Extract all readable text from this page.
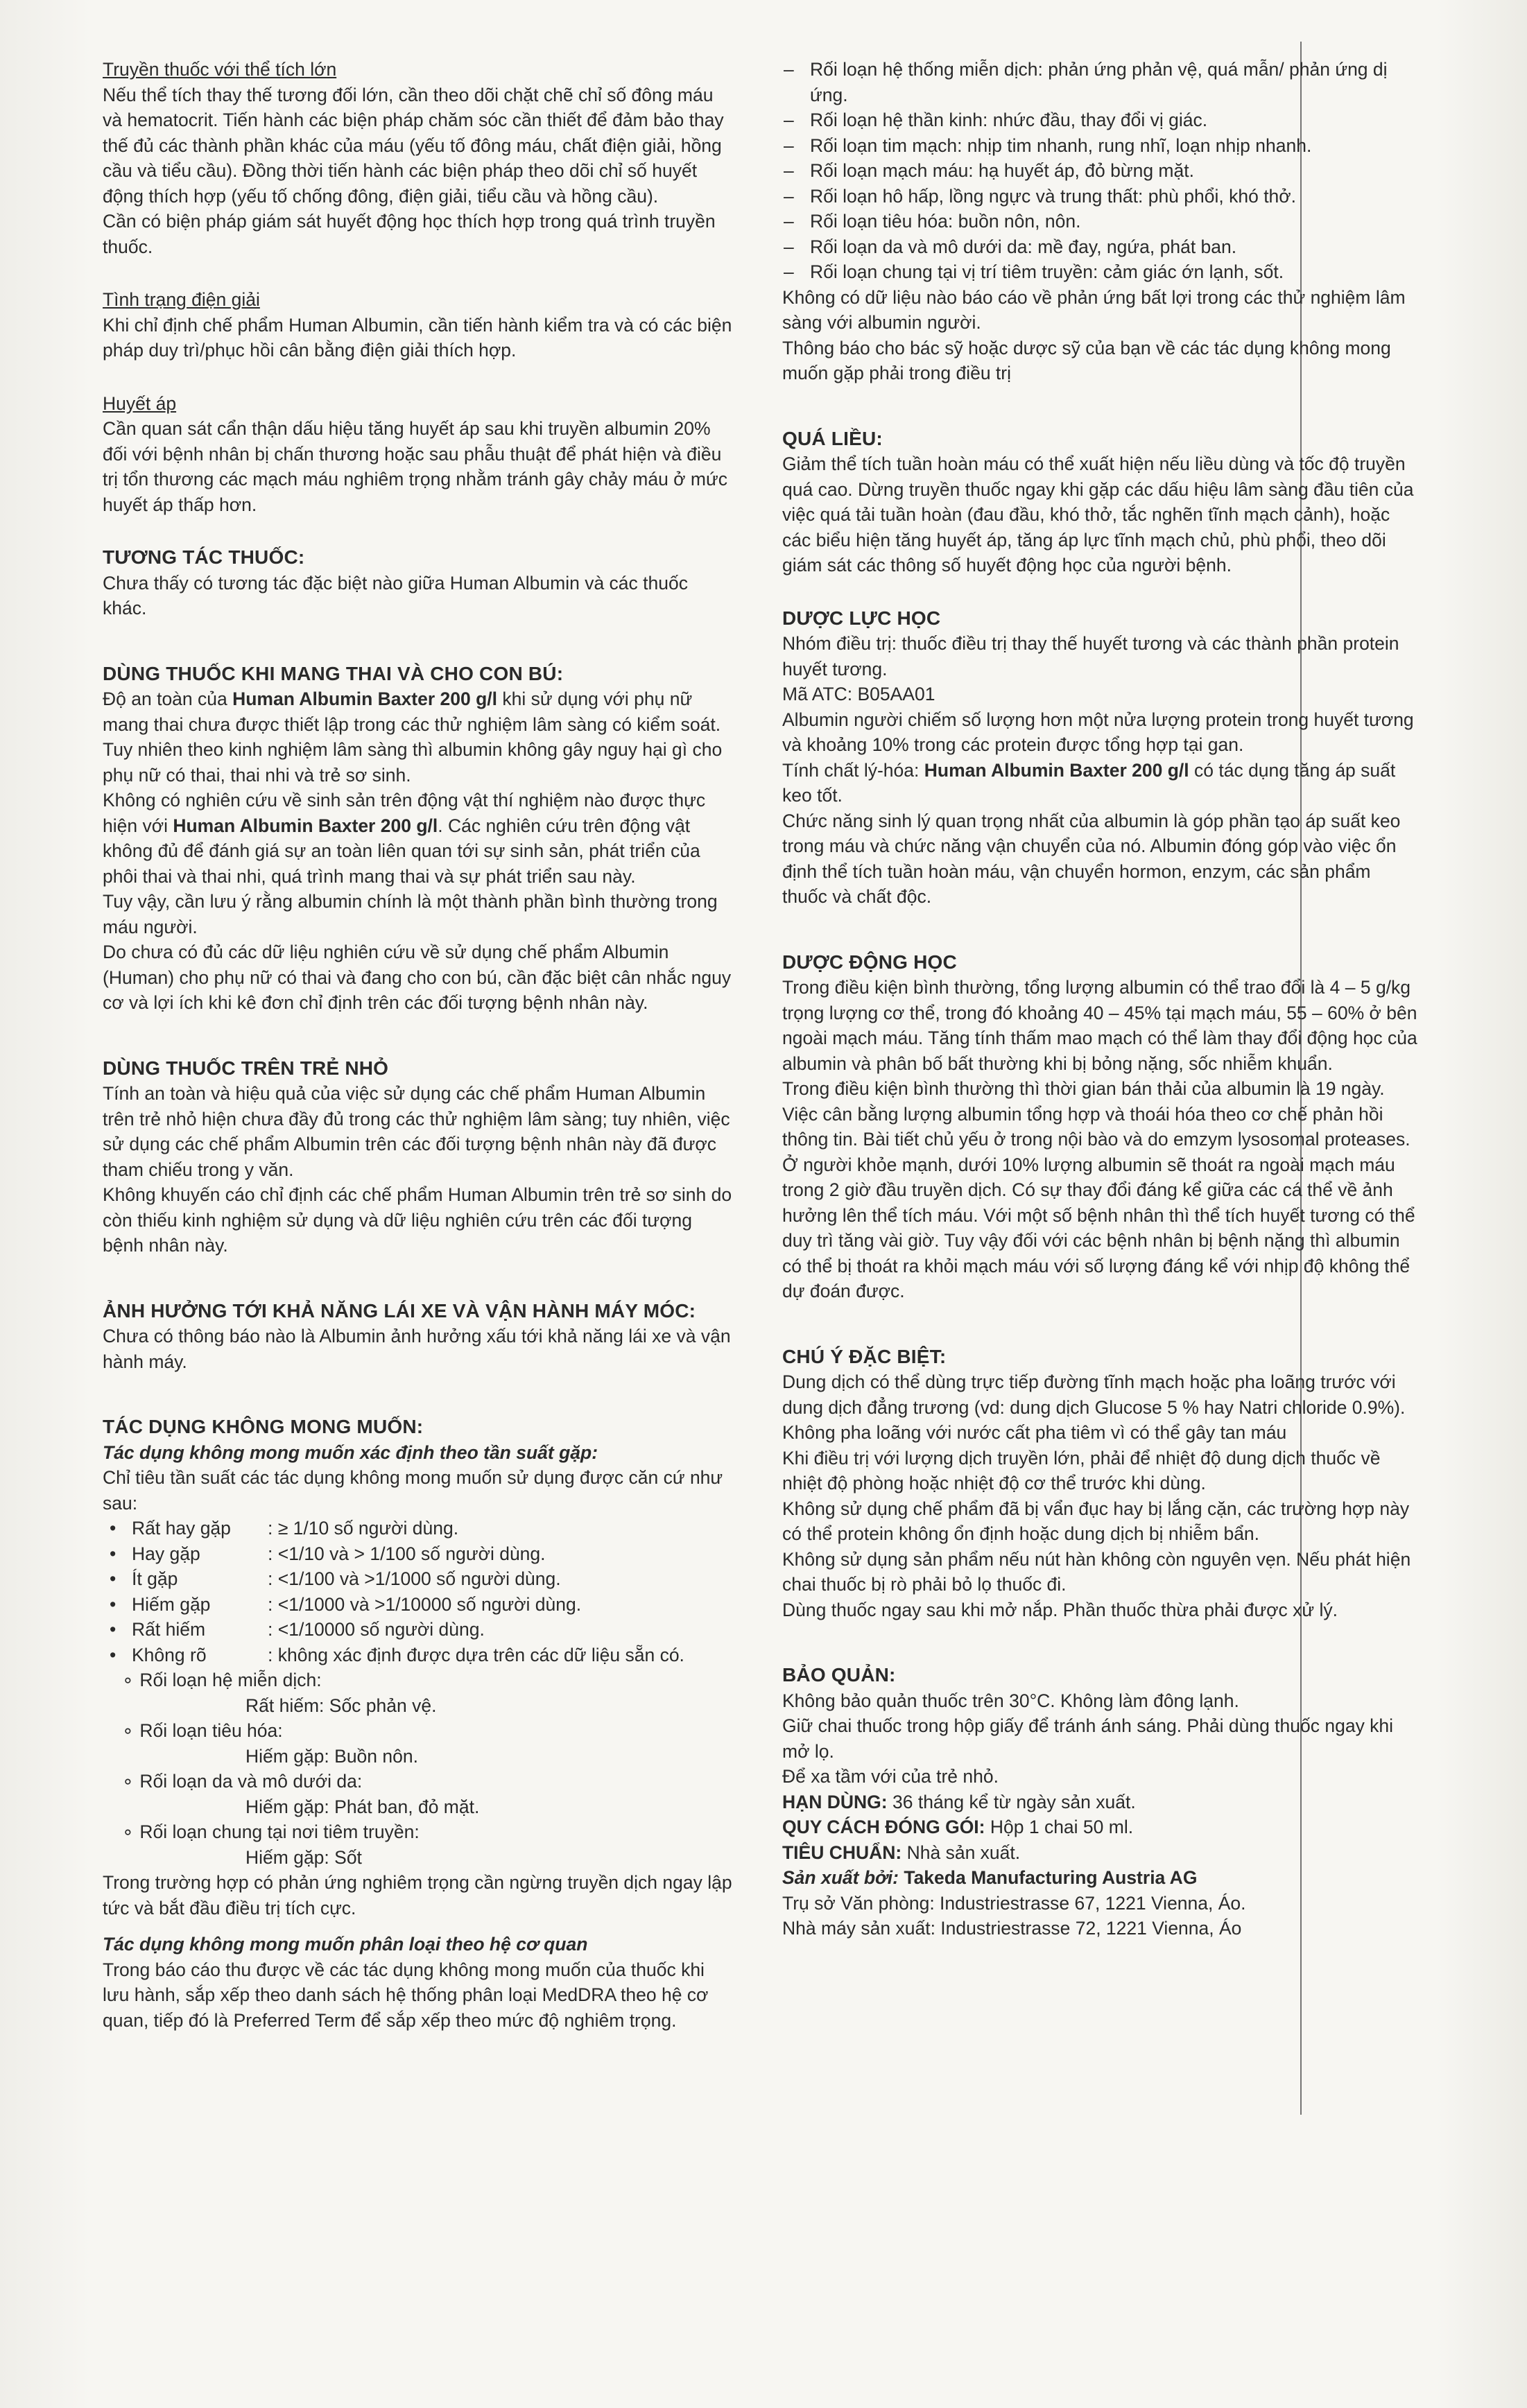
Truyền thuốc với thể tích lớn

Nếu thể tích thay thế tương đối lớn, cần theo dõi chặt chẽ chỉ số đông máu và hematocrit. Tiến hành các biện pháp chăm sóc cần thiết để đảm bảo thay thế đủ các thành phần khác của máu (yếu tố đông máu, chất điện giải, hồng cầu và tiểu cầu). Đồng thời tiến hành các biện pháp theo dõi chỉ số huyết động thích hợp (yếu tố chống đông, điện giải, tiểu cầu và hồng cầu).

Cần có biện pháp giám sát huyết động học thích hợp trong quá trình truyền thuốc.

Tình trạng điện giải

Khi chỉ định chế phẩm Human Albumin, cần tiến hành kiểm tra và có các biện pháp duy trì/phục hồi cân bằng điện giải thích hợp.

Huyết áp

Cần quan sát cẩn thận dấu hiệu tăng huyết áp sau khi truyền albumin 20% đối với bệnh nhân bị chấn thương hoặc sau phẫu thuật để phát hiện và điều trị tổn thương các mạch máu nghiêm trọng nhằm tránh gây chảy máu ở mức huyết áp thấp hơn.

TƯƠNG TÁC THUỐC:

Chưa thấy có tương tác đặc biệt nào giữa Human Albumin và các thuốc khác.

DÙNG THUỐC KHI MANG THAI VÀ CHO CON BÚ:

Độ an toàn của Human Albumin Baxter 200 g/l khi sử dụng với phụ nữ mang thai chưa được thiết lập trong các thử nghiệm lâm sàng có kiểm soát. Tuy nhiên theo kinh nghiệm lâm sàng thì albumin không gây nguy hại gì cho phụ nữ có thai, thai nhi và trẻ sơ sinh.

Không có nghiên cứu về sinh sản trên động vật thí nghiệm nào được thực hiện với Human Albumin Baxter 200 g/l. Các nghiên cứu trên động vật không đủ để đánh giá sự an toàn liên quan tới sự sinh sản, phát triển của phôi thai và thai nhi, quá trình mang thai và sự phát triển sau này.

Tuy vậy, cần lưu ý rằng albumin chính là một thành phần bình thường trong máu người.

Do chưa có đủ các dữ liệu nghiên cứu về sử dụng chế phẩm Albumin (Human) cho phụ nữ có thai và đang cho con bú, cần đặc biệt cân nhắc nguy cơ và lợi ích khi kê đơn chỉ định trên các đối tượng bệnh nhân này.

DÙNG THUỐC TRÊN TRẺ NHỎ

Tính an toàn và hiệu quả của việc sử dụng các chế phẩm Human Albumin trên trẻ nhỏ hiện chưa đầy đủ trong các thử nghiệm lâm sàng; tuy nhiên, việc sử dụng các chế phẩm Albumin trên các đối tượng bệnh nhân này đã được tham chiếu trong y văn.

Không khuyến cáo chỉ định các chế phẩm Human Albumin trên trẻ sơ sinh do còn thiếu kinh nghiệm sử dụng và dữ liệu nghiên cứu trên các đối tượng bệnh nhân này.

ẢNH HƯỞNG TỚI KHẢ NĂNG LÁI XE VÀ VẬN HÀNH MÁY MÓC:

Chưa có thông báo nào là Albumin ảnh hưởng xấu tới khả năng lái xe và vận hành máy.

TÁC DỤNG KHÔNG MONG MUỐN:

Tác dụng không mong muốn xác định theo tần suất gặp:

Chỉ tiêu tần suất các tác dụng không mong muốn sử dụng được căn cứ như sau:

• Rất hay gặp : ≥ 1/10 số người dùng.
• Hay gặp	: <1/10 và > 1/100 số người dùng.
• Ít gặp	: <1/100 và >1/1000 số người dùng.
• Hiếm gặp	: <1/1000 và >1/10000 số người dùng.
• Rất hiếm	: <1/10000 số người dùng.
• Không rõ	: không xác định được dựa trên các dữ liệu sẵn có.
∘ Rối loạn hệ miễn dịch:
Rất hiếm: Sốc phản vệ.
∘ Rối loạn tiêu hóa:
Hiếm gặp: Buồn nôn.
∘ Rối loạn da và mô dưới da:
Hiếm gặp: Phát ban, đỏ mặt.
∘ Rối loạn chung tại nơi tiêm truyền:
Hiếm gặp: Sốt

Trong trường hợp có phản ứng nghiêm trọng cần ngừng truyền dịch ngay lập tức và bắt đầu điều trị tích cực.

Tác dụng không mong muốn phân loại theo hệ cơ quan

Trong báo cáo thu được về các tác dụng không mong muốn của thuốc khi lưu hành, sắp xếp theo danh sách hệ thống phân loại MedDRA theo hệ cơ quan, tiếp đó là Preferred Term để sắp xếp theo mức độ nghiêm trọng.

– Rối loạn hệ thống miễn dịch: phản ứng phản vệ, quá mẫn/ phản ứng dị ứng.
– Rối loạn hệ thần kinh: nhức đầu, thay đổi vị giác.
– Rối loạn tim mạch: nhịp tim nhanh, rung nhĩ, loạn nhịp nhanh.
– Rối loạn mạch máu: hạ huyết áp, đỏ bừng mặt.
– Rối loạn hô hấp, lồng ngực và trung thất: phù phổi, khó thở.
– Rối loạn tiêu hóa: buồn nôn, nôn.
– Rối loạn da và mô dưới da: mề đay, ngứa, phát ban.
– Rối loạn chung tại vị trí tiêm truyền: cảm giác ớn lạnh, sốt.

Không có dữ liệu nào báo cáo về phản ứng bất lợi trong các thử nghiệm lâm sàng với albumin người.

Thông báo cho bác sỹ hoặc dược sỹ của bạn về các tác dụng không mong muốn gặp phải trong điều trị

QUÁ LIỀU:

Giảm thể tích tuần hoàn máu có thể xuất hiện nếu liều dùng và tốc độ truyền quá cao. Dừng truyền thuốc ngay khi gặp các dấu hiệu lâm sàng đầu tiên của việc quá tải tuần hoàn (đau đầu, khó thở, tắc nghẽn tĩnh mạch cảnh), hoặc các biểu hiện tăng huyết áp, tăng áp lực tĩnh mạch chủ, phù phổi, theo dõi giám sát các thông số huyết động học của người bệnh.

DƯỢC LỰC HỌC

Nhóm điều trị: thuốc điều trị thay thế huyết tương và các thành phần protein huyết tương.

Mã ATC: B05AA01

Albumin người chiếm số lượng hơn một nửa lượng protein trong huyết tương và khoảng 10% trong các protein được tổng hợp tại gan.

Tính chất lý-hóa: Human Albumin Baxter 200 g/l có tác dụng tăng áp suất keo tốt.

Chức năng sinh lý quan trọng nhất của albumin là góp phần tạo áp suất keo trong máu và chức năng vận chuyển của nó. Albumin đóng góp vào việc ổn định thể tích tuần hoàn máu, vận chuyển hormon, enzym, các sản phẩm thuốc và chất độc.

DƯỢC ĐỘNG HỌC

Trong điều kiện bình thường, tổng lượng albumin có thể trao đổi là 4 – 5 g/kg trọng lượng cơ thể, trong đó khoảng 40 – 45% tại mạch máu, 55 – 60% ở bên ngoài mạch máu. Tăng tính thấm mao mạch có thể làm thay đổi động học của albumin và phân bố bất thường khi bị bỏng nặng, sốc nhiễm khuẩn.

Trong điều kiện bình thường thì thời gian bán thải của albumin là 19 ngày. Việc cân bằng lượng albumin tổng hợp và thoái hóa theo cơ chế phản hồi thông tin. Bài tiết chủ yếu ở trong nội bào và do emzym lysosomal proteases.

Ở người khỏe mạnh, dưới 10% lượng albumin sẽ thoát ra ngoài mạch máu trong 2 giờ đầu truyền dịch. Có sự thay đổi đáng kể giữa các cá thể về ảnh hưởng lên thể tích máu. Với một số bệnh nhân thì thể tích huyết tương có thể duy trì tăng vài giờ. Tuy vậy đối với các bệnh nhân bị bệnh nặng thì albumin có thể bị thoát ra khỏi mạch máu với số lượng đáng kể với nhịp độ không thể dự đoán được.

CHÚ Ý ĐẶC BIỆT:

Dung dịch có thể dùng trực tiếp đường tĩnh mạch hoặc pha loãng trước với dung dịch đẳng trương (vd: dung dịch Glucose 5 % hay Natri chloride 0.9%).

Không pha loãng với nước cất pha tiêm vì có thể gây tan máu

Khi điều trị với lượng dịch truyền lớn, phải để nhiệt độ dung dịch thuốc về nhiệt độ phòng hoặc nhiệt độ cơ thể trước khi dùng.

Không sử dụng chế phẩm đã bị vẩn đục hay bị lắng cặn, các trường hợp này có thể protein không ổn định hoặc dung dịch bị nhiễm bẩn.

Không sử dụng sản phẩm nếu nút hàn không còn nguyên vẹn. Nếu phát hiện chai thuốc bị rò phải bỏ lọ thuốc đi.

Dùng thuốc ngay sau khi mở nắp. Phần thuốc thừa phải được xử lý.

BẢO QUẢN:

Không bảo quản thuốc trên 30°C. Không làm đông lạnh.

Giữ chai thuốc trong hộp giấy để tránh ánh sáng. Phải dùng thuốc ngay khi mở lọ.

Để xa tầm với của trẻ nhỏ.

HẠN DÙNG: 36 tháng kể từ ngày sản xuất.

QUY CÁCH ĐÓNG GÓI: Hộp 1 chai 50 ml.

TIÊU CHUẨN: Nhà sản xuất.

Sản xuất bởi: Takeda Manufacturing Austria AG

Trụ sở Văn phòng: Industriestrasse 67, 1221 Vienna, Áo.

Nhà máy sản xuất: Industriestrasse 72, 1221 Vienna, Áo
